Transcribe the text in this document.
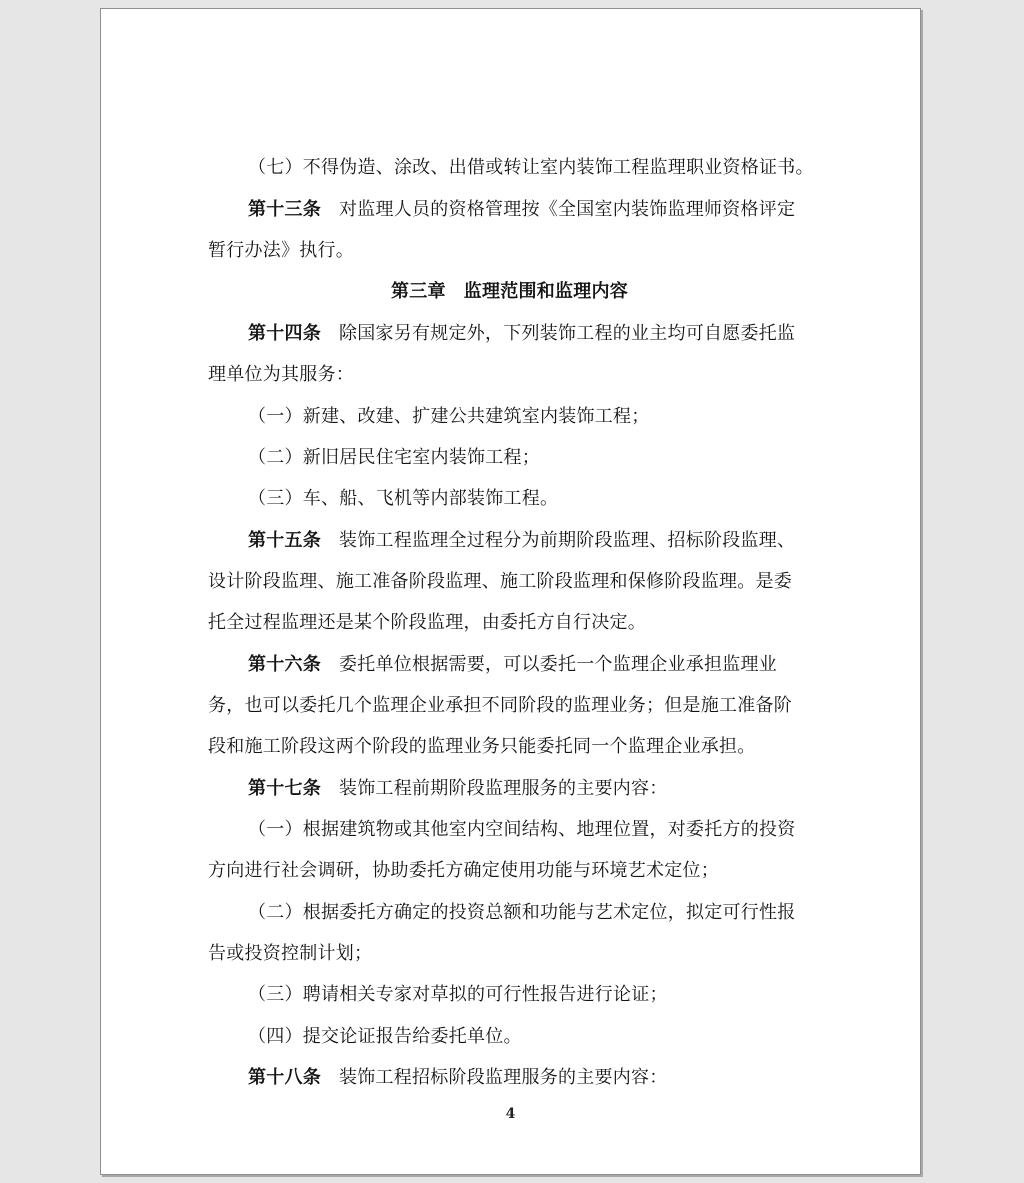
（七）不得伪造、涂改、出借或转让室内装饰工程监理职业资格证书。
第十三条 对监理人员的资格管理按《全国室内装饰监理师资格评定
暂行办法》执行。
第三章 监理范围和监理内容
第十四条 除国家另有规定外，下列装饰工程的业主均可自愿委托监
理单位为其服务：
（一）新建、改建、扩建公共建筑室内装饰工程；
（二）新旧居民住宅室内装饰工程；
（三）车、船、飞机等内部装饰工程。
第十五条 装饰工程监理全过程分为前期阶段监理、招标阶段监理、
设计阶段监理、施工准备阶段监理、施工阶段监理和保修阶段监理。是委
托全过程监理还是某个阶段监理，由委托方自行决定。
第十六条 委托单位根据需要，可以委托一个监理企业承担监理业
务，也可以委托几个监理企业承担不同阶段的监理业务；但是施工准备阶
段和施工阶段这两个阶段的监理业务只能委托同一个监理企业承担。
第十七条 装饰工程前期阶段监理服务的主要内容：
（一）根据建筑物或其他室内空间结构、地理位置，对委托方的投资
方向进行社会调研，协助委托方确定使用功能与环境艺术定位；
（二）根据委托方确定的投资总额和功能与艺术定位，拟定可行性报
告或投资控制计划；
（三）聘请相关专家对草拟的可行性报告进行论证；
（四）提交论证报告给委托单位。
第十八条 装饰工程招标阶段监理服务的主要内容：
4
